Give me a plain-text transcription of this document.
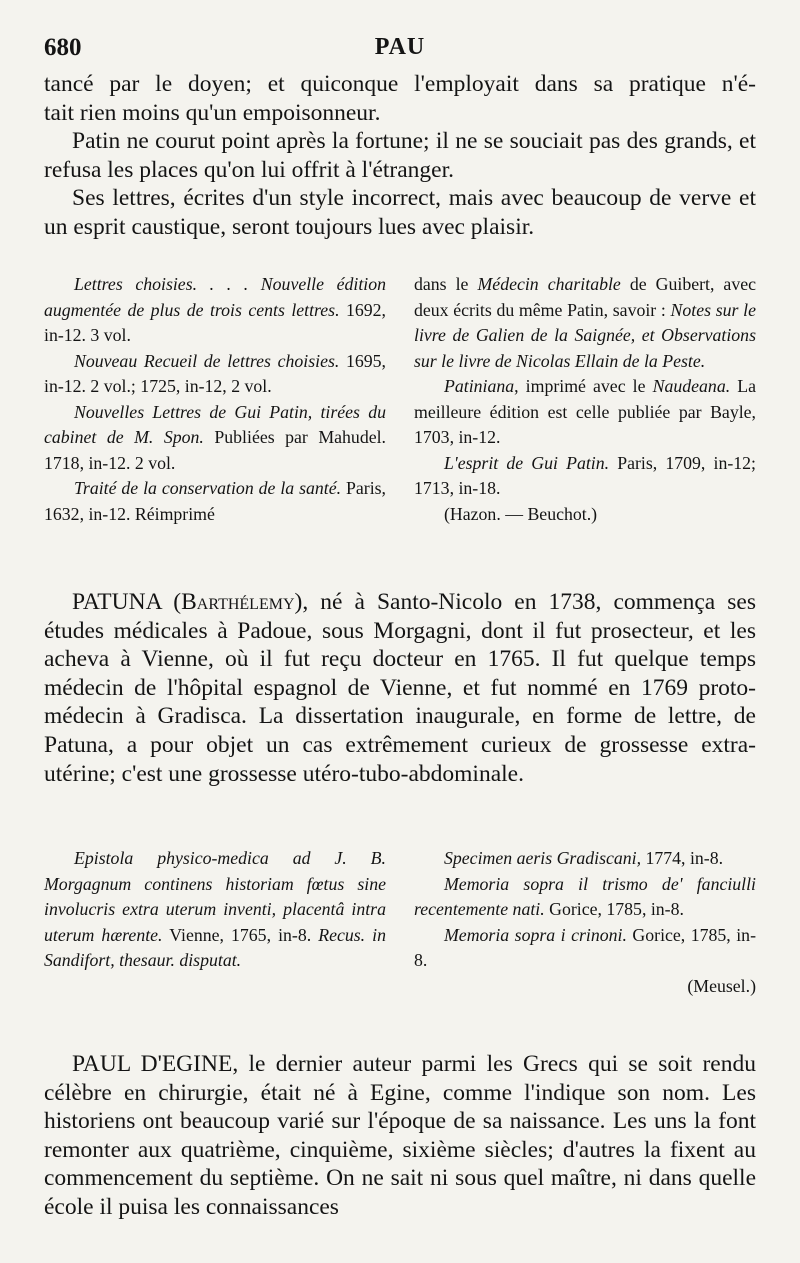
680	PAU

tancé par le doyen; et quiconque l'employait dans sa pratique n'é-

tait rien moins qu'un empoisonneur.

Patin ne courut point après la fortune; il ne se souciait pas des grands, et refusa les places qu'on lui offrit à l'étranger.

Ses lettres, écrites d'un style incorrect, mais avec beaucoup de verve et un esprit caustique, seront toujours lues avec plaisir.

Lettres choisies. . . . Nouvelle édition augmentée de plus de trois cents lettres. 1692, in-12. 3 vol.

Nouveau Recueil de lettres choisies. 1695, in-12. 2 vol.; 1725, in-12, 2 vol.

Nouvelles Lettres de Gui Patin, tirées du cabinet de M. Spon. Publiées par Mahudel. 1718, in-12. 2 vol.

Traité de la conservation de la santé. Paris, 1632, in-12. Réimprimé

dans le Médecin charitable de Guibert, avec deux écrits du même Patin, savoir : Notes sur le livre de Galien de la Saignée, et Observations sur le livre de Nicolas Ellain de la Peste.

Patiniana, imprimé avec le Naudeana. La meilleure édition est celle publiée par Bayle, 1703, in-12.

L'esprit de Gui Patin. Paris, 1709, in-12; 1713, in-18.

(Hazon. — Beuchot.)

PATUNA (Barthélemy), né à Santo-Nicolo en 1738, commença ses études médicales à Padoue, sous Morgagni, dont il fut prosecteur, et les acheva à Vienne, où il fut reçu docteur en 1765. Il fut quelque temps médecin de l'hôpital espagnol de Vienne, et fut nommé en 1769 proto-médecin à Gradisca. La dissertation inaugurale, en forme de lettre, de Patuna, a pour objet un cas extrêmement curieux de grossesse extra-utérine; c'est une grossesse utéro-tubo-abdominale.

Epistola physico-medica ad J. B. Morgagnum continens historiam fœtus sine involucris extra uterum inventi, placentâ intra uterum hærente. Vienne, 1765, in-8. Recus. in Sandifort, thesaur. disputat.

Specimen aeris Gradiscani, 1774, in-8.

Memoria sopra il trismo de' fanciulli recentemente nati. Gorice, 1785, in-8.

Memoria sopra i crinoni. Gorice, 1785, in-8.

(Meusel.)

PAUL D'EGINE, le dernier auteur parmi les Grecs qui se soit rendu célèbre en chirurgie, était né à Egine, comme l'indique son nom. Les historiens ont beaucoup varié sur l'époque de sa naissance. Les uns la font remonter aux quatrième, cinquième, sixième siècles; d'autres la fixent au commencement du septième. On ne sait ni sous quel maître, ni dans quelle école il puisa les connaissances
